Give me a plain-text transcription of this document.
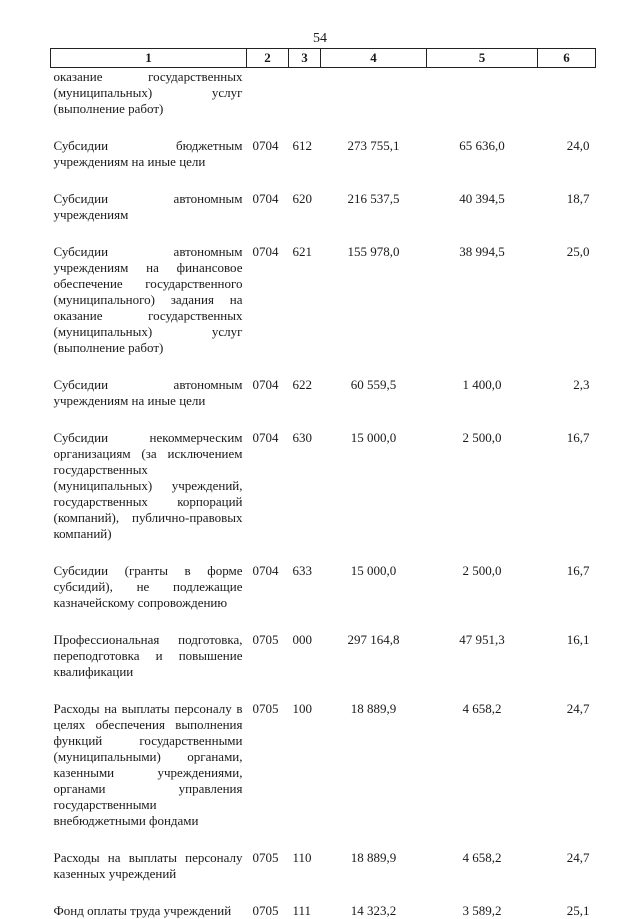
54
1	2	3	4	5	6
оказание государственных (муниципальных) услуг (выполнение работ)					
Субсидии бюджетным учреждениям на иные цели	0704	612	273 755,1	65 636,0	24,0
Субсидии автономным учреждениям	0704	620	216 537,5	40 394,5	18,7
Субсидии автономным учреждениям на финансовое обеспечение государственного (муниципального) задания на оказание государственных (муниципальных) услуг (выполнение работ)	0704	621	155 978,0	38 994,5	25,0
Субсидии автономным учреждениям на иные цели	0704	622	60 559,5	1 400,0	2,3
Субсидии некоммерческим организациям (за исключением государственных (муниципальных) учреждений, государственных корпораций (компаний), публично-правовых компаний)	0704	630	15 000,0	2 500,0	16,7
Субсидии (гранты в форме субсидий), не подлежащие казначейскому сопровождению	0704	633	15 000,0	2 500,0	16,7
Профессиональная подготовка, переподготовка и повышение квалификации	0705	000	297 164,8	47 951,3	16,1
Расходы на выплаты персоналу в целях обеспечения выполнения функций государственными (муниципальными) органами, казенными учреждениями, органами управления государственными внебюджетными фондами	0705	100	18 889,9	4 658,2	24,7
Расходы на выплаты персоналу казенных учреждений	0705	110	18 889,9	4 658,2	24,7
Фонд оплаты труда учреждений	0705	111	14 323,2	3 589,2	25,1
